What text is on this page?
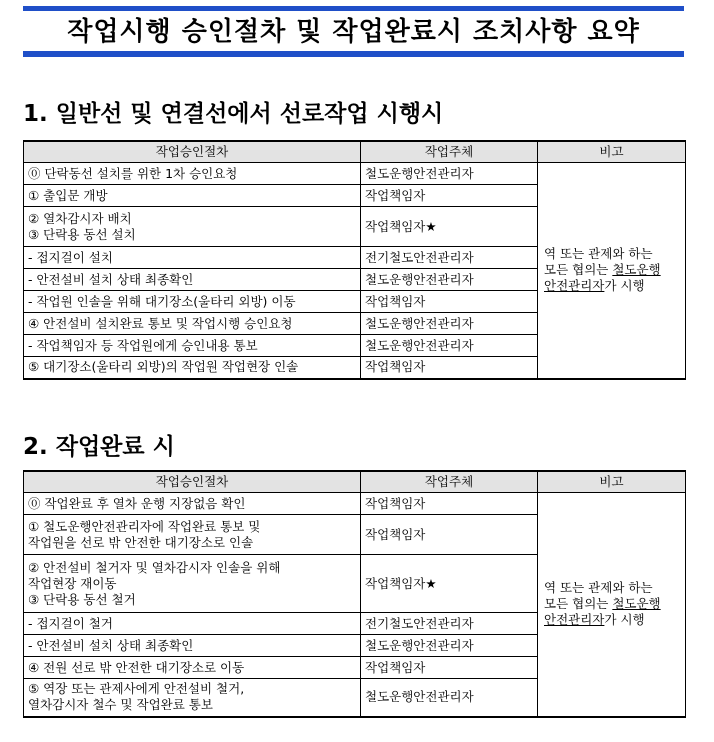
작업시행 승인절차 및 작업완료시 조치사항 요약
1. 일반선 및 연결선에서 선로작업 시행시
작업승인절차	작업주체	비고

⓪ 단락동선 설치를 위한 1차 승인요청	철도운행안전관리자	역 또는 관제와 하는
모든 협의는 철도운행
안전관리자가 시행

① 출입문 개방	작업책임자	

② 열차감시자 배치
③ 단락용 동선 설치	작업책임자★	

- 접지걸이 설치	전기철도안전관리자	

- 안전설비 설치 상태 최종확인	철도운행안전관리자	

- 작업원 인솔을 위해 대기장소(울타리 외방) 이동	작업책임자	

④ 안전설비 설치완료 통보 및 작업시행 승인요청	철도운행안전관리자	

- 작업책임자 등 작업원에게 승인내용 통보	철도운행안전관리자	

⑤ 대기장소(울타리 외방)의 작업원 작업현장 인솔	작업책임자	
2. 작업완료 시
작업승인절차	작업주체	비고

⓪ 작업완료 후 열차 운행 지장없음 확인	작업책임자	역 또는 관제와 하는
모든 협의는 철도운행
안전관리자가 시행

① 철도운행안전관리자에 작업완료 통보 및
작업원을 선로 밖 안전한 대기장소로 인솔	작업책임자	

② 안전설비 철거자 및 열차감시자 인솔을 위해
작업현장 재이동
③ 단락용 동선 철거	작업책임자★	

- 접지걸이 철거	전기철도안전관리자	

- 안전설비 설치 상태 최종확인	철도운행안전관리자	

④ 전원 선로 밖 안전한 대기장소로 이동	작업책임자	

⑤ 역장 또는 관제사에게 안전설비 철거,
열차감시자 철수 및 작업완료 통보	철도운행안전관리자	
